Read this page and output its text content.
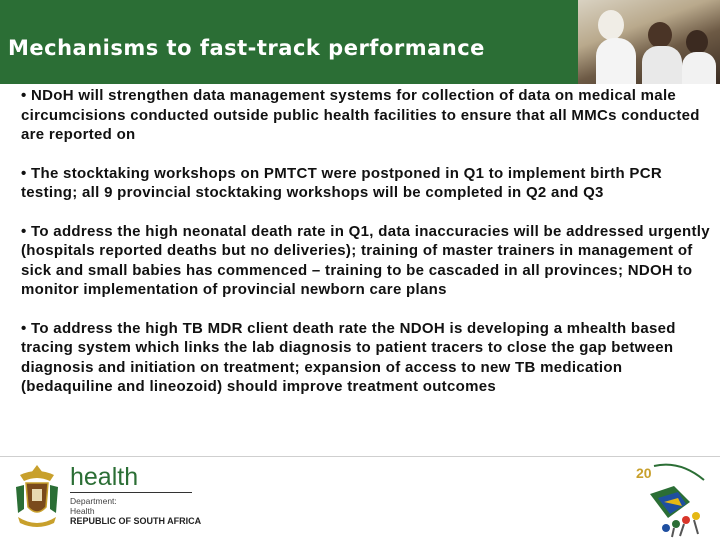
Mechanisms to fast-track performance

• NDoH will strengthen data management systems for collection of data on medical male circumcisions conducted outside public health facilities to ensure that all MMCs conducted are reported on

• The stocktaking workshops on PMTCT were postponed in Q1 to implement birth PCR testing; all 9 provincial stocktaking workshops will be completed in Q2 and Q3

• To address the high neonatal death rate in Q1, data inaccuracies will be addressed urgently (hospitals reported deaths but no deliveries); training of master trainers in management of sick and small babies has commenced – training to be cascaded in all provinces; NDOH to monitor implementation of provincial newborn care plans

• To address the high TB MDR client death rate the NDOH is developing a mhealth based tracing system which links the lab diagnosis to patient tracers to close the gap between diagnosis and initiation on treatment; expansion of access to new TB medication (bedaquiline and lineozoid) should improve treatment outcomes

health
Department:
Health
REPUBLIC OF SOUTH AFRICA
20
